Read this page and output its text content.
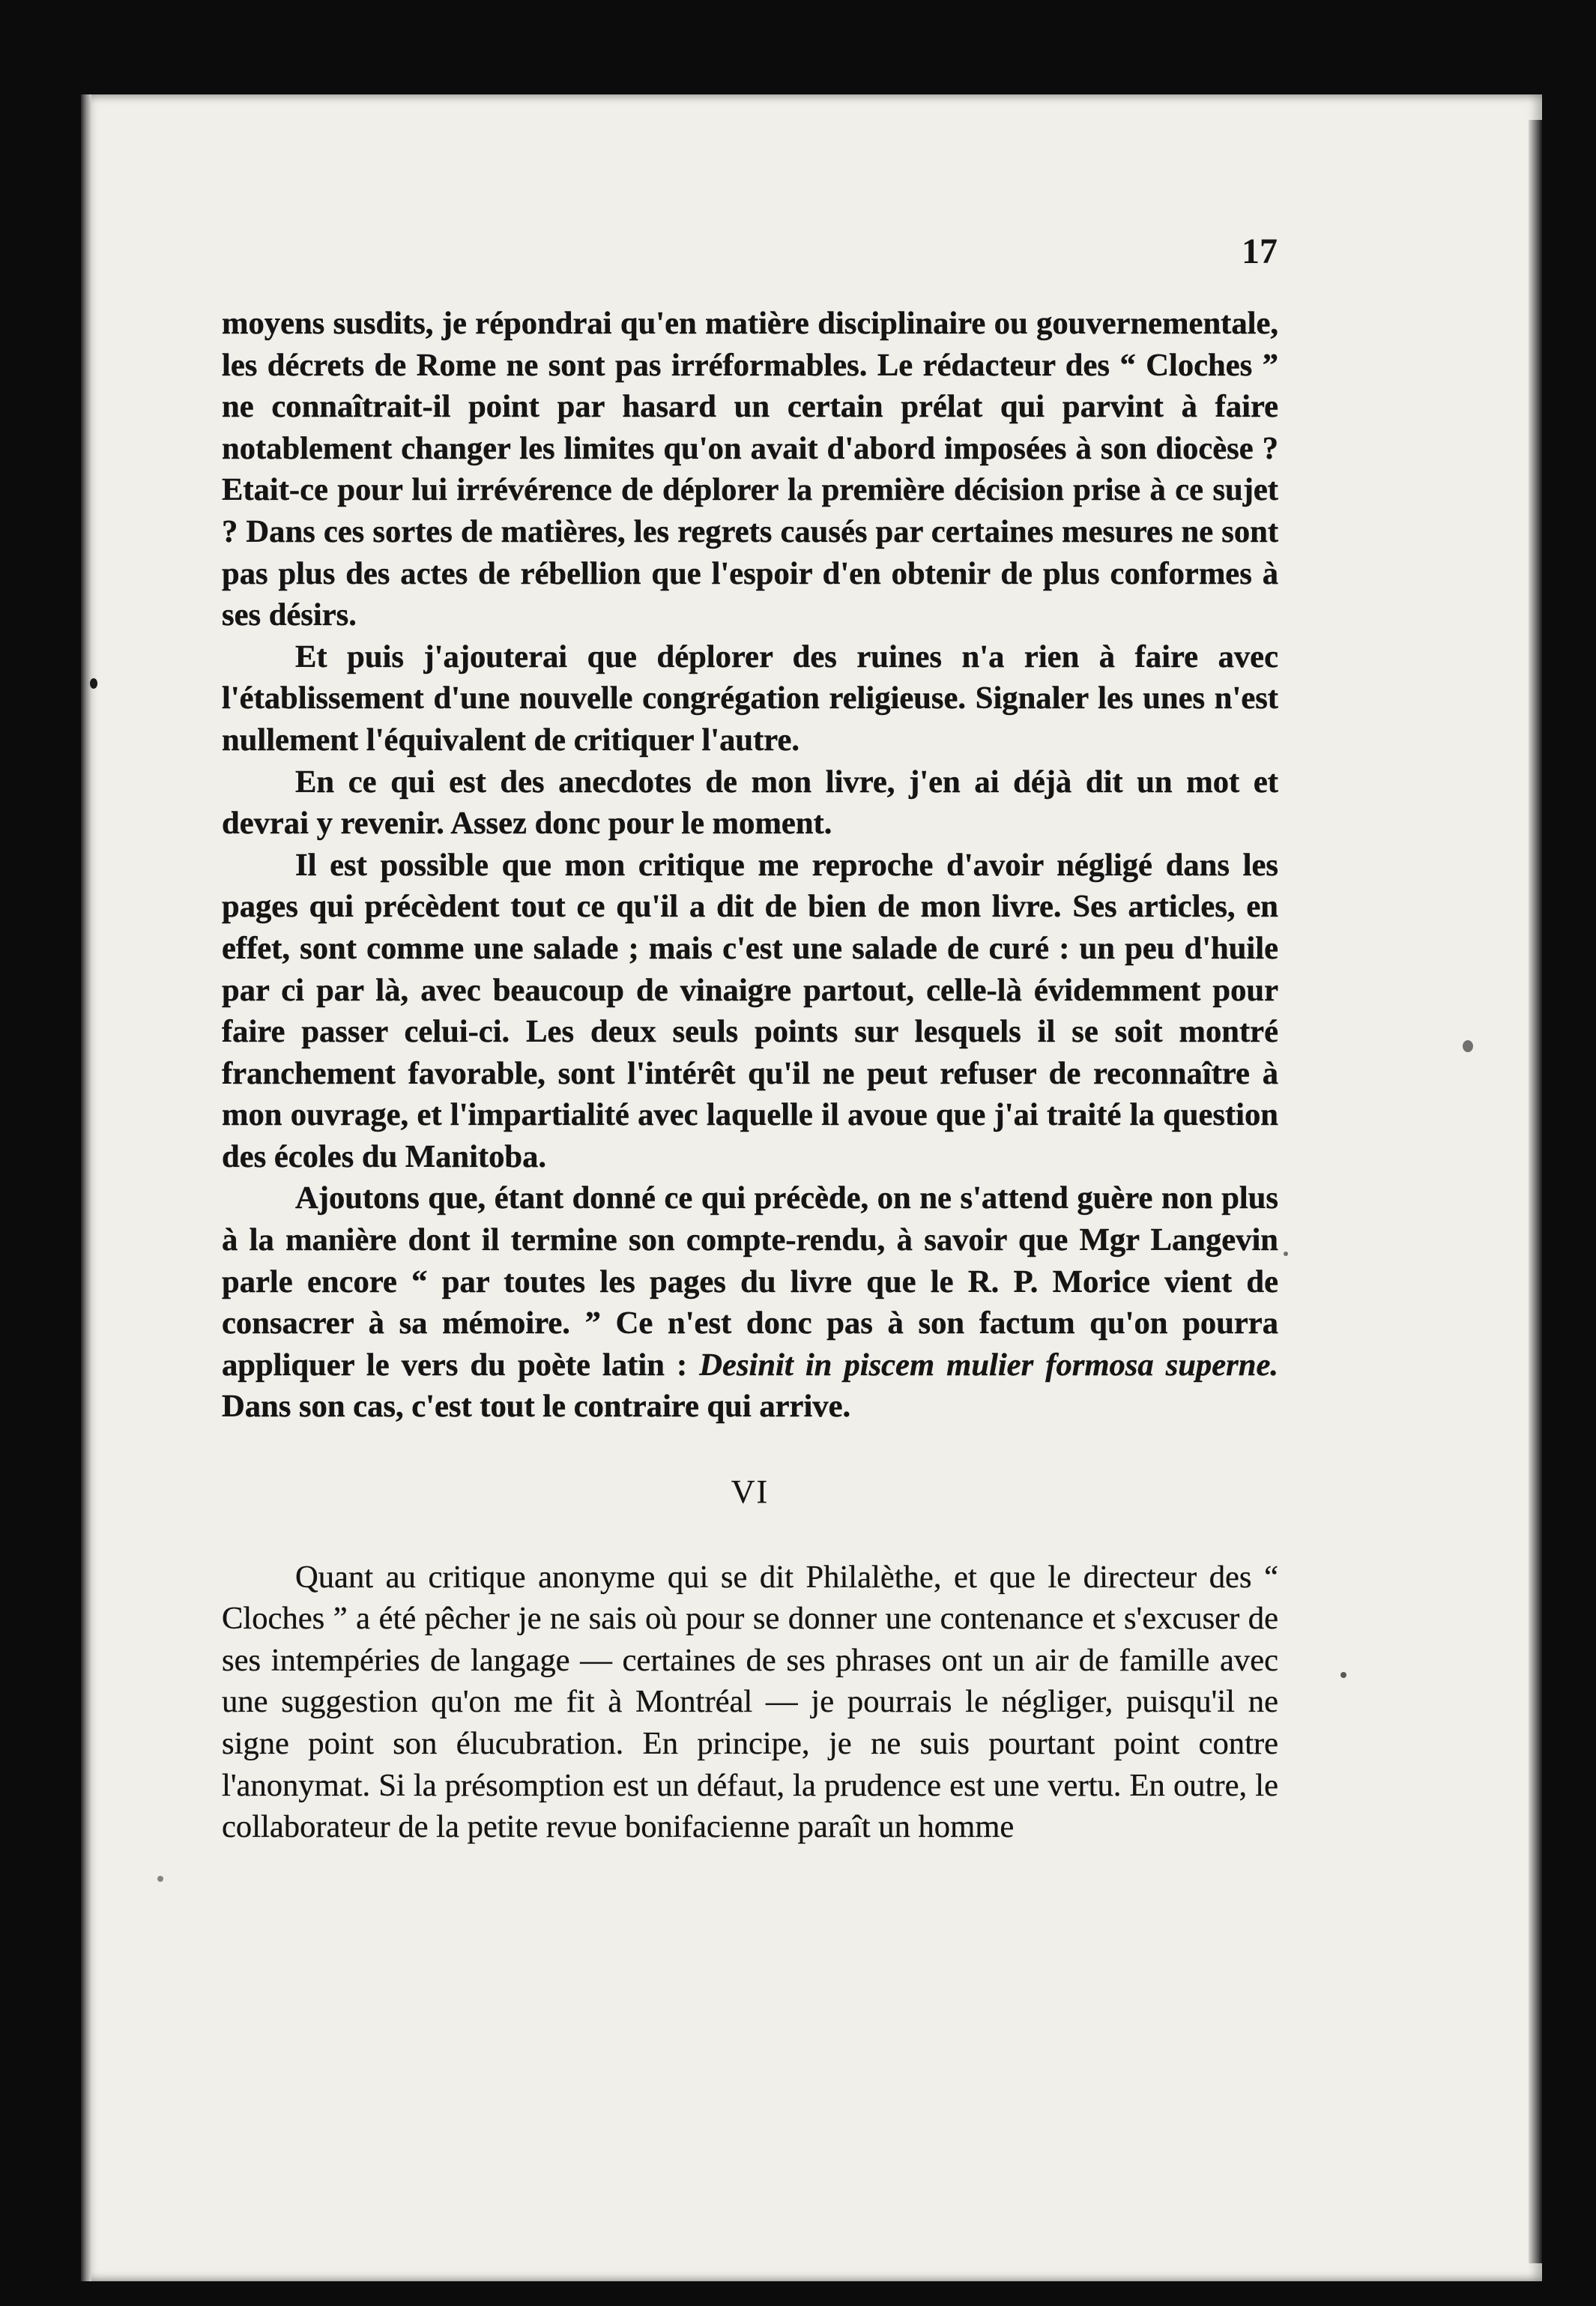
17

moyens susdits, je répondrai qu'en matière disciplinaire ou gouvernementale, les décrets de Rome ne sont pas irréformables. Le rédacteur des “ Cloches ” ne connaîtrait-il point par hasard un certain prélat qui parvint à faire notablement changer les limites qu'on avait d'abord imposées à son diocèse ? Etait-ce pour lui irrévérence de déplorer la première décision prise à ce sujet ? Dans ces sortes de matières, les regrets causés par certaines mesures ne sont pas plus des actes de rébellion que l'espoir d'en obtenir de plus conformes à ses désirs.

Et puis j'ajouterai que déplorer des ruines n'a rien à faire avec l'établissement d'une nouvelle congrégation religieuse. Signaler les unes n'est nullement l'équivalent de critiquer l'autre.

En ce qui est des anecdotes de mon livre, j'en ai déjà dit un mot et devrai y revenir. Assez donc pour le moment.

Il est possible que mon critique me reproche d'avoir négligé dans les pages qui précèdent tout ce qu'il a dit de bien de mon livre. Ses articles, en effet, sont comme une salade ; mais c'est une salade de curé : un peu d'huile par ci par là, avec beaucoup de vinaigre partout, celle-là évidemment pour faire passer celui-ci. Les deux seuls points sur lesquels il se soit montré franchement favorable, sont l'intérêt qu'il ne peut refuser de reconnaître à mon ouvrage, et l'impartialité avec laquelle il avoue que j'ai traité la question des écoles du Manitoba.

Ajoutons que, étant donné ce qui précède, on ne s'attend guère non plus à la manière dont il termine son compte-rendu, à savoir que Mgr Langevin parle encore “ par toutes les pages du livre que le R. P. Morice vient de consacrer à sa mémoire. ” Ce n'est donc pas à son factum qu'on pourra appliquer le vers du poète latin : Desinit in piscem mulier formosa superne. Dans son cas, c'est tout le contraire qui arrive.

VI

Quant au critique anonyme qui se dit Philalèthe, et que le directeur des “ Cloches ” a été pêcher je ne sais où pour se donner une contenance et s'excuser de ses intempéries de langage — certaines de ses phrases ont un air de famille avec une suggestion qu'on me fit à Montréal — je pourrais le négliger, puisqu'il ne signe point son élucubration. En principe, je ne suis pourtant point contre l'anonymat. Si la présomption est un défaut, la prudence est une vertu. En outre, le collaborateur de la petite revue bonifacienne paraît un homme
